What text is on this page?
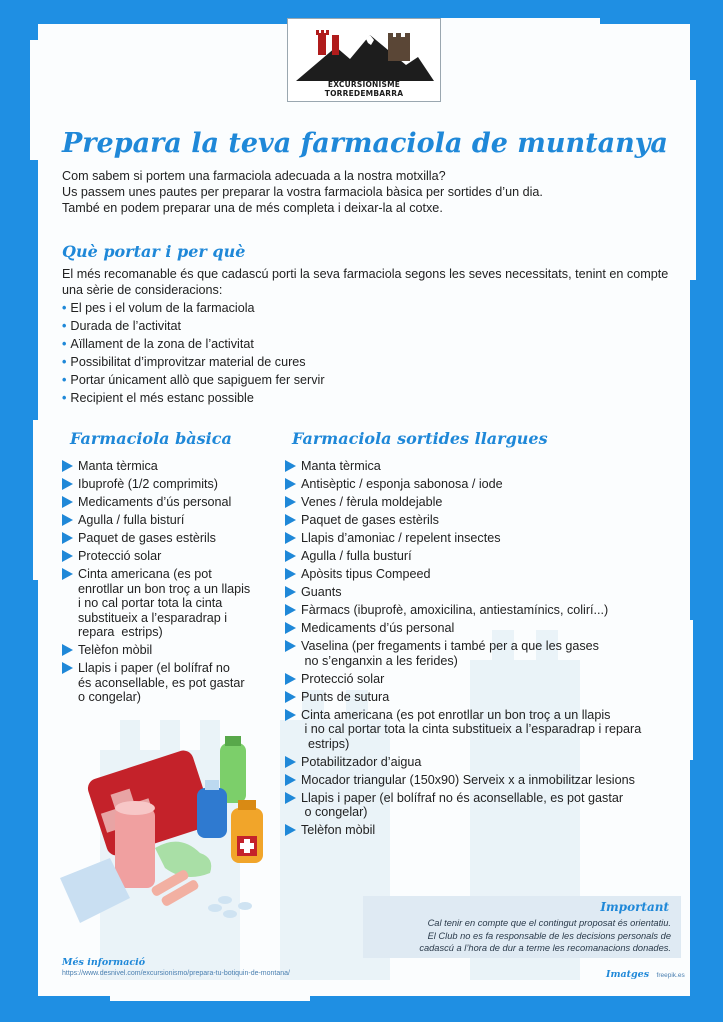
EXCURSIONISME TORREDEMBARRA
Prepara la teva farmaciola de muntanya
Com sabem si portem una farmaciola adecuada a la nostra motxilla?
Us passem unes pautes per preparar la vostra farmaciola bàsica per sortides d’un dia.
També en podem preparar una de més completa i deixar-la al cotxe.
Què portar i per què
El més recomanable és que cadascú porti la seva farmaciola segons les seves necessitats, tenint en compte una sèrie de consideracions:
• El pes i el volum de la farmaciola
• Durada de l’activitat
• Aïllament de la zona de l’activitat
• Possibilitat d’improvitzar material de cures
• Portar únicament allò que sapiguem fer servir
• Recipient el més estanc possible
Farmaciola bàsica
Manta tèrmica
Ibuprofè (1/2 comprimits)
Medicaments d’ús personal
Agulla / fulla bisturí
Paquet de gases estèrils
Protecció solar
Cinta americana (es pot
enrotllar un bon troç a un llapis
i no cal portar tota la cinta
substitueix a l’esparadrap i
repara  estrips)
Telèfon mòbil
Llapis i paper (el bolífraf no
és aconsellable, es pot gastar
o congelar)
Farmaciola sortides llargues
Manta tèrmica
Antisèptic / esponja sabonosa / iode
Venes / fèrula moldejable
Paquet de gases estèrils
Llapis d’amoniac / repelent insectes
Agulla / fulla busturí
Apòsits tipus Compeed
Guants
Fàrmacs (ibuprofè, amoxicilina, antiestamínics, colirí...)
Medicaments d’ús personal
Vaselina (per fregaments i també per a que les gases
no s’enganxin a les ferides)
Protecció solar
Punts de sutura
Cinta americana (es pot enrotllar un bon troç a un llapis
i no cal portar tota la cinta substitueix a l’esparadrap i repara
estrips)
Potabilitzador d’aigua
Mocador triangular (150x90) Serveix x a inmobilitzar lesions
Llapis i paper (el bolífraf no és aconsellable, es pot gastar
o congelar)
Telèfon mòbil
Important
Cal tenir en compte que el contingut proposat és orientatiu.
El Club no es fa responsable de les decisions personals de
cadascú a l’hora de dur a terme les recomanacions donades.
Més informació
https://www.desnivel.com/excursionismo/prepara-tu-botiquin-de-montana/	Imatges freepik.es
